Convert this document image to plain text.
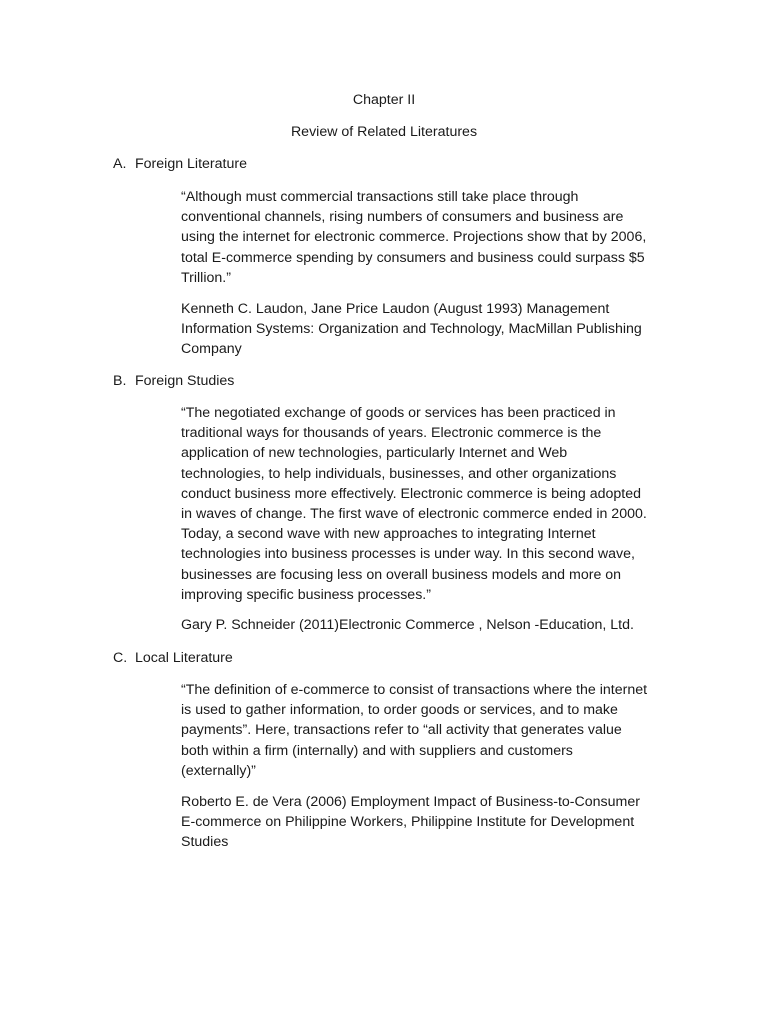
Chapter II
Review of Related Literatures
A. Foreign Literature
“Although must commercial transactions still take place through
conventional channels, rising numbers of consumers and business are
using the internet for electronic commerce. Projections show that by 2006,
total E-commerce spending by consumers and business could surpass $5
Trillion.”
Kenneth C. Laudon, Jane Price Laudon (August 1993) Management
Information Systems: Organization and Technology, MacMillan Publishing
Company
B. Foreign Studies
“The negotiated exchange of goods or services has been practiced in
traditional ways for thousands of years. Electronic commerce is the
application of new technologies, particularly Internet and Web
technologies, to help individuals, businesses, and other organizations
conduct business more effectively. Electronic commerce is being adopted
in waves of change. The first wave of electronic commerce ended in 2000.
Today, a second wave with new approaches to integrating Internet
technologies into business processes is under way. In this second wave,
businesses are focusing less on overall business models and more on
improving specific business processes.”
Gary P. Schneider (2011)Electronic Commerce , Nelson -Education, Ltd.
C. Local Literature
“The definition of e-commerce to consist of transactions where the internet
is used to gather information, to order goods or services, and to make
payments”. Here, transactions refer to “all activity that generates value
both within a firm (internally) and with suppliers and customers
(externally)”
Roberto E. de Vera (2006) Employment Impact of Business-to-Consumer
E-commerce on Philippine Workers, Philippine Institute for Development
Studies
